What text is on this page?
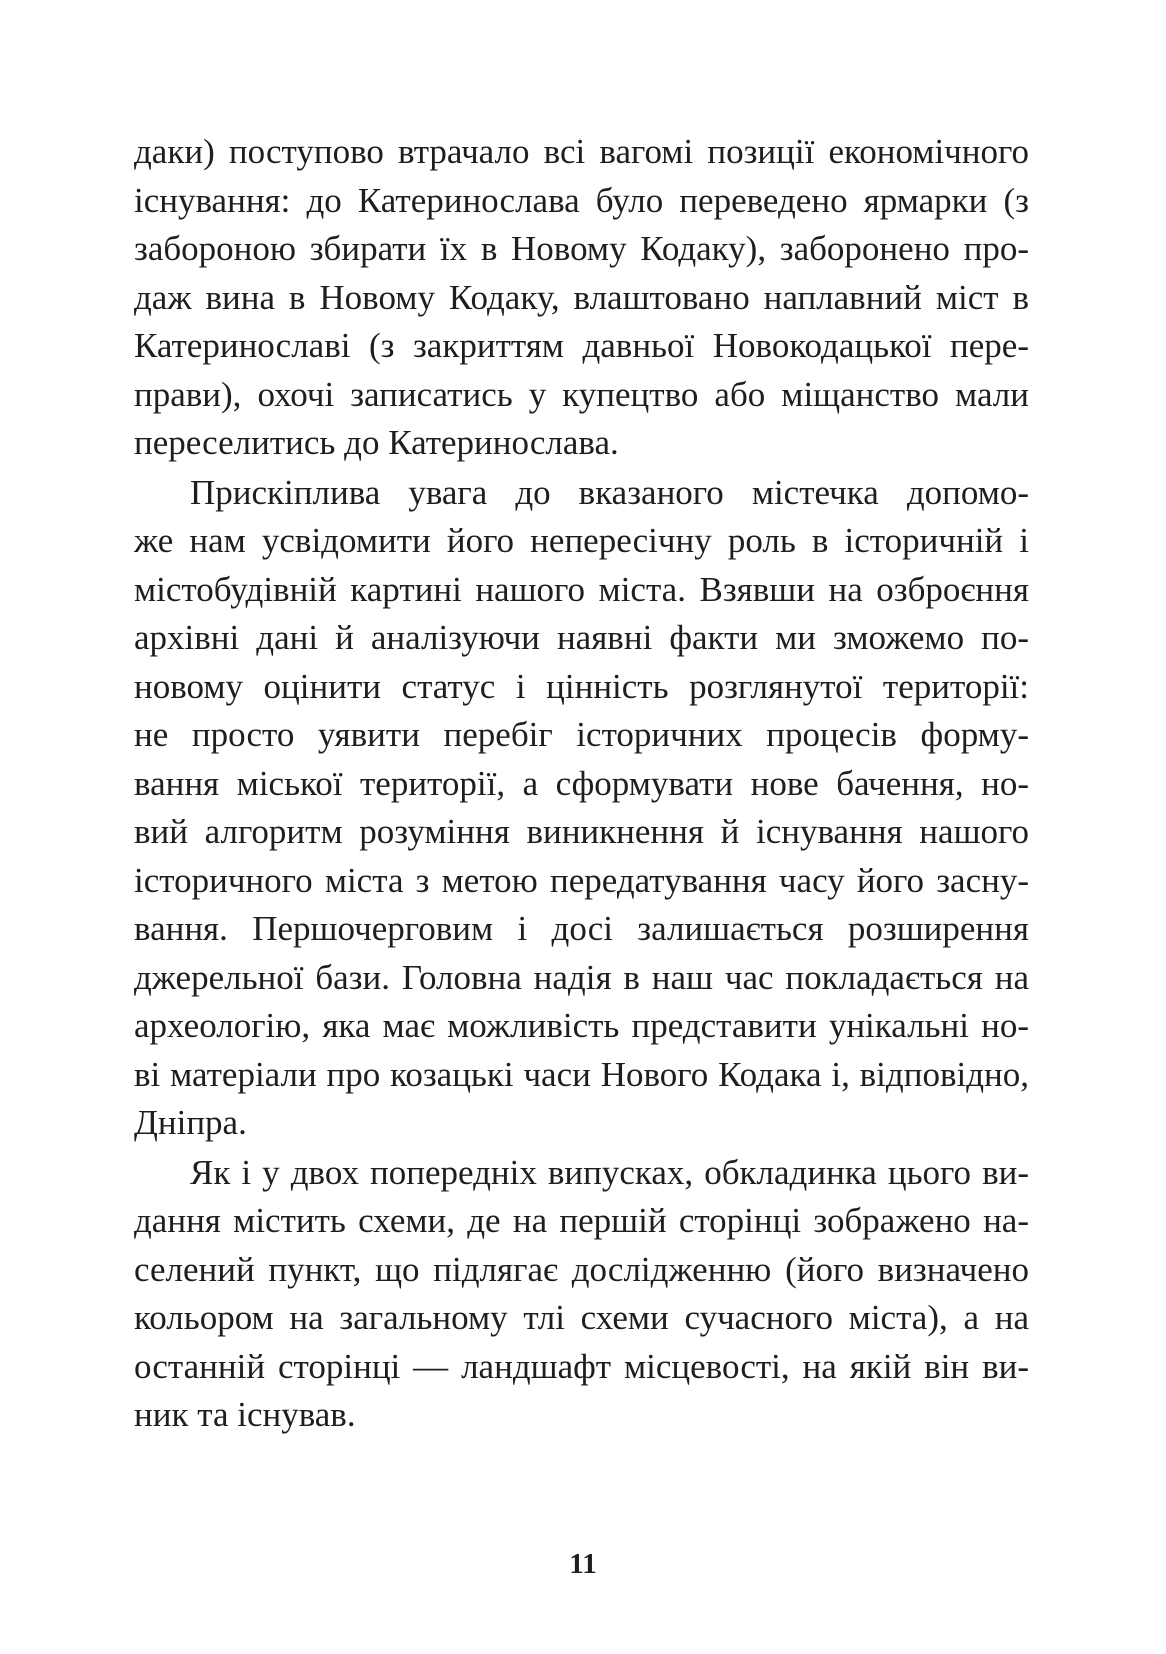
даки) поступово втрачало всі вагомі позиції економічного
існування: до Катеринослава було переведено ярмарки (з
забороною збирати їх в Новому Кодаку), заборонено про-
даж вина в Новому Кодаку, влаштовано наплавний міст в
Катеринославі (з закриттям давньої Новокодацької пере-
прави), охочі записатись у купецтво або міщанство мали
переселитись до Катеринослава.
Прискіплива увага до вказаного містечка допомо-
же нам усвідомити його непересічну роль в історичній і
містобудівній картині нашого міста. Взявши на озброєння
архівні дані й аналізуючи наявні факти ми зможемо по-
новому оцінити статус і цінність розглянутої території:
не просто уявити перебіг історичних процесів форму-
вання міської території, а сформувати нове бачення, но-
вий алгоритм розуміння виникнення й існування нашого
історичного міста з метою передатування часу його засну-
вання. Першочерговим і досі залишається розширення
джерельної бази. Головна надія в наш час покладається на
археологію, яка має можливість представити унікальні но-
ві матеріали про козацькі часи Нового Кодака і, відповідно,
Дніпра.
Як і у двох попередніх випусках, обкладинка цього ви-
дання містить схеми, де на першій сторінці зображено на-
селений пункт, що підлягає дослідженню (його визначено
кольором на загальному тлі схеми сучасного міста), а на
останній сторінці — ландшафт місцевості, на якій він ви-
ник та існував.
11
